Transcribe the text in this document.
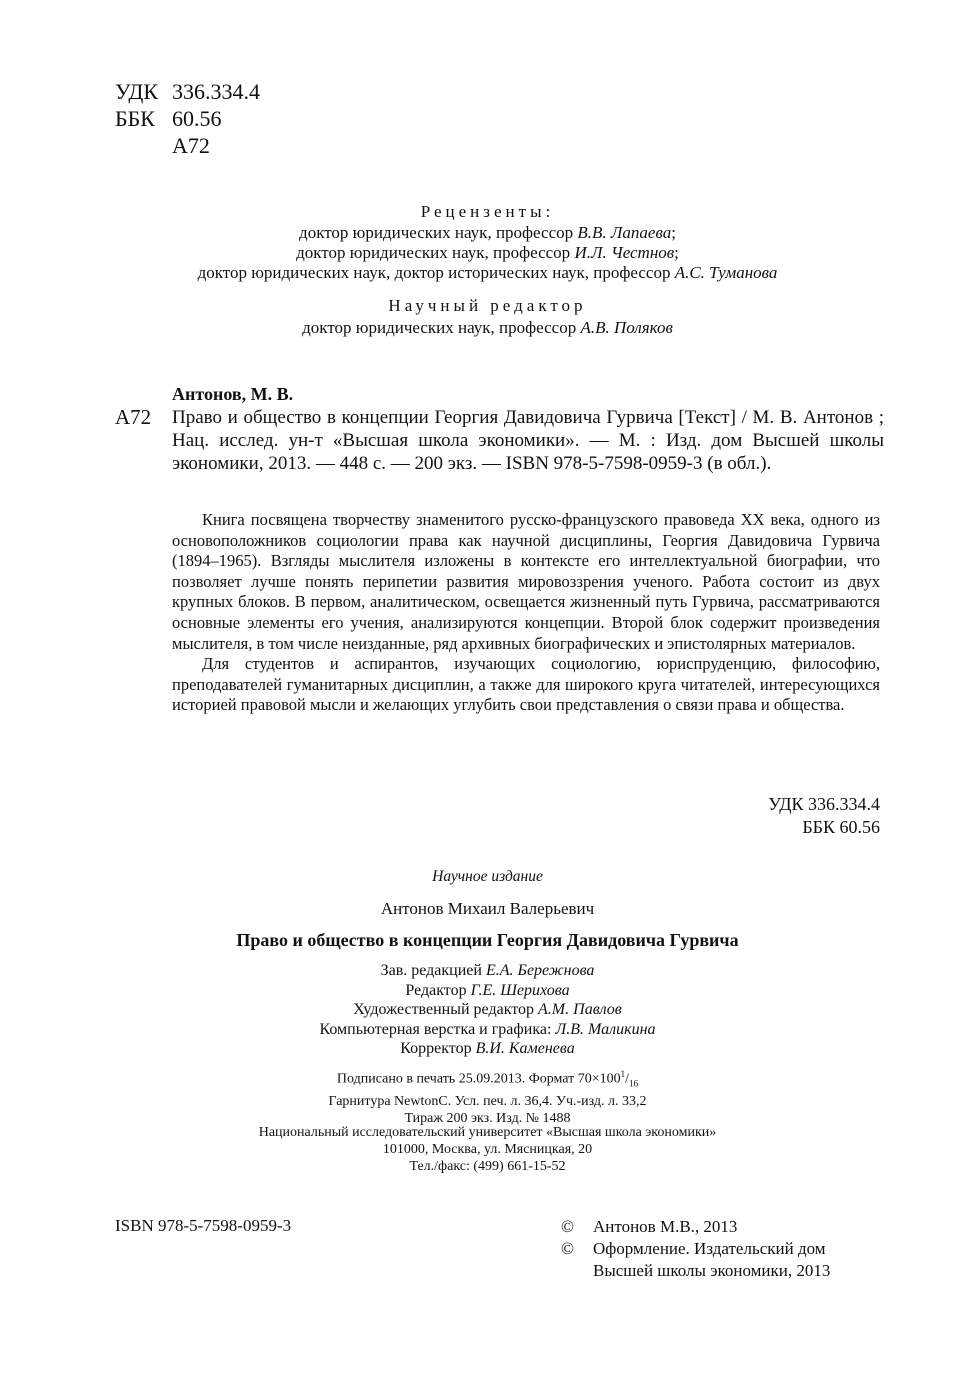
УДК 336.334.4
ББК 60.56
А72
Рецензенты:
доктор юридических наук, профессор В.В. Лапаева;
доктор юридических наук, профессор И.Л. Честнов;
доктор юридических наук, доктор исторических наук, профессор А.С. Туманова
Научный редактор
доктор юридических наук, профессор А.В. Поляков
Антонов, М. В.
А72 Право и общество в концепции Георгия Давидовича Гурвича [Текст] / М. В. Антонов ; Нац. исслед. ун-т «Высшая школа экономики». — М. : Изд. дом Высшей школы экономики, 2013. — 448 с. — 200 экз. — ISBN 978-5-7598-0959-3 (в обл.).

Книга посвящена творчеству знаменитого русско-французского правоведа XX века, одного из основоположников социологии права как научной дисциплины, Георгия Давидовича Гурвича (1894–1965). Взгляды мыслителя изложены в контексте его интеллектуальной биографии, что позволяет лучше понять перипетии развития мировоззрения ученого. Работа состоит из двух крупных блоков. В первом, аналитическом, освещается жизненный путь Гурвича, рассматриваются основные элементы его учения, анализируются концепции. Второй блок содержит произведения мыслителя, в том числе неизданные, ряд архивных биографических и эпистолярных материалов.

Для студентов и аспирантов, изучающих социологию, юриспруденцию, философию, преподавателей гуманитарных дисциплин, а также для широкого круга читателей, интересующихся историей правовой мысли и желающих углубить свои представления о связи права и общества.

УДК 336.334.4
ББК 60.56
Научное издание
Антонов Михаил Валерьевич
Право и общество в концепции Георгия Давидовича Гурвича
Зав. редакцией Е.А. Бережнова
Редактор Г.Е. Шерихова
Художественный редактор А.М. Павлов
Компьютерная верстка и графика: Л.В. Маликина
Корректор В.И. Каменева
Подписано в печать 25.09.2013. Формат $70\times 100^1/_{16}$
Гарнитура NewtonC. Усл. печ. л. 36,4. Уч.-изд. л. 33,2
Тираж 200 экз. Изд. № 1488
Национальный исследовательский университет «Высшая школа экономики»
101000, Москва, ул. Мясницкая, 20
Тел./факс: (499) 661-15-52
ISBN 978-5-7598-0959-3	© Антонов М.В., 2013
© Оформление. Издательский дом
Высшей школы экономики, 2013
